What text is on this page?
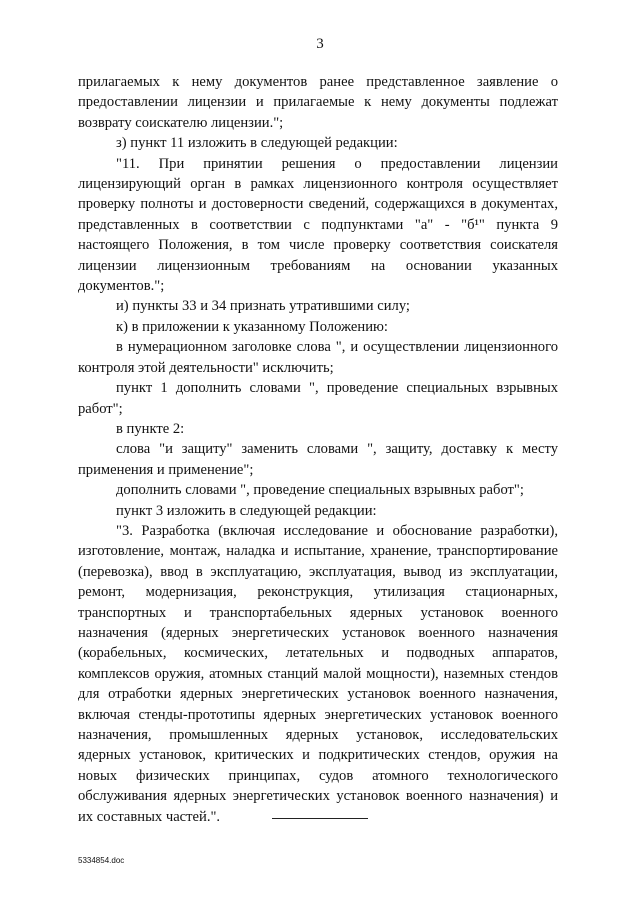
3

прилагаемых к нему документов ранее представленное заявление о предоставлении лицензии и прилагаемые к нему документы подлежат возврату соискателю лицензии.";

з) пункт 11 изложить в следующей редакции:

"11. При принятии решения о предоставлении лицензии лицензирующий орган в рамках лицензионного контроля осуществляет проверку полноты и достоверности сведений, содержащихся в документах, представленных в соответствии с подпунктами "а" - "б¹" пункта 9 настоящего Положения, в том числе проверку соответствия соискателя лицензии лицензионным требованиям на основании указанных документов.";

и) пункты 33 и 34 признать утратившими силу;

к) в приложении к указанному Положению:

в нумерационном заголовке слова ", и осуществлении лицензионного контроля этой деятельности" исключить;

пункт 1 дополнить словами ", проведение специальных взрывных работ";

в пункте 2:

слова "и защиту" заменить словами ", защиту, доставку к месту применения и применение";

дополнить словами ", проведение специальных взрывных работ";

пункт 3 изложить в следующей редакции:

"3. Разработка (включая исследование и обоснование разработки), изготовление, монтаж, наладка и испытание, хранение, транспортирование (перевозка), ввод в эксплуатацию, эксплуатация, вывод из эксплуатации, ремонт, модернизация, реконструкция, утилизация стационарных, транспортных и транспортабельных ядерных установок военного назначения (ядерных энергетических установок военного назначения (корабельных, космических, летательных и подводных аппаратов, комплексов оружия, атомных станций малой мощности), наземных стендов для отработки ядерных энергетических установок военного назначения, включая стенды-прототипы ядерных энергетических установок военного назначения, промышленных ядерных установок, исследовательских ядерных установок, критических и подкритических стендов, оружия на новых физических принципах, судов атомного технологического обслуживания ядерных энергетических установок военного назначения) и их составных частей.".

5334854.doc
